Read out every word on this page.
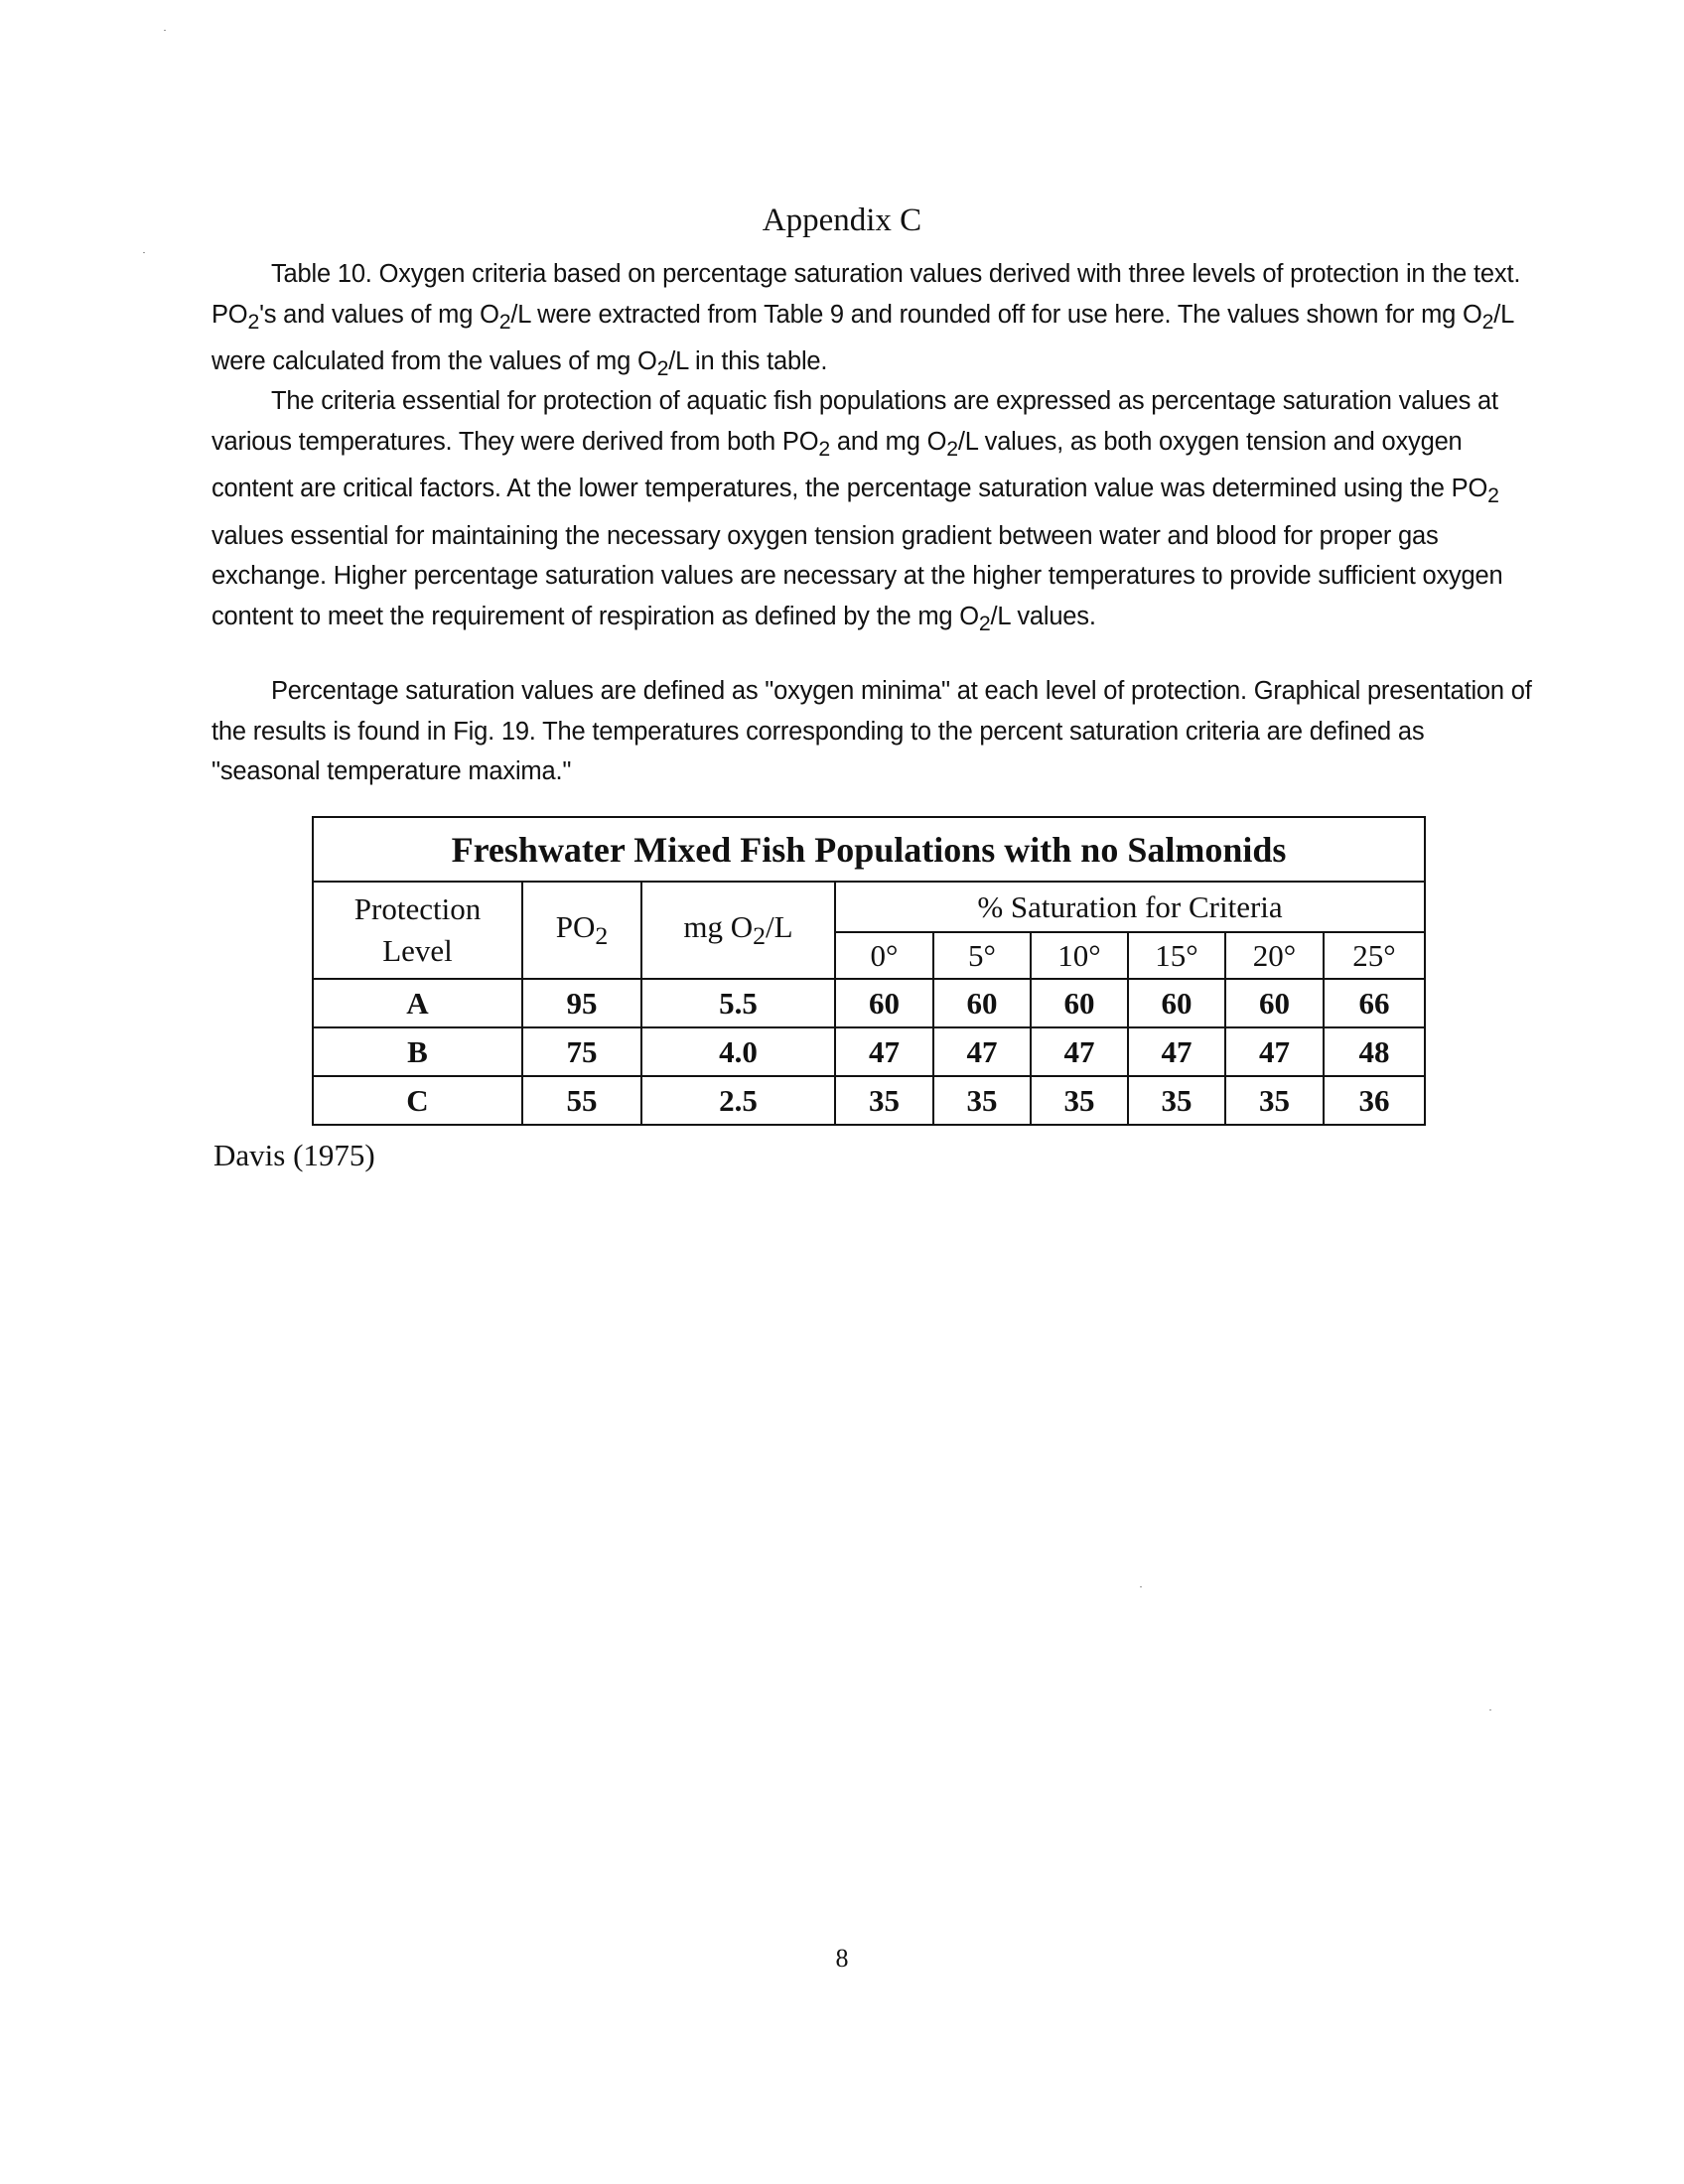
Appendix C

Table 10. Oxygen criteria based on percentage saturation values derived with three levels of protection in the text. $PO_2's$ and values of mg $O_2/L$ were extracted from Table 9 and rounded off for use here. The values shown for mg $O_2/L$ were calculated from the values of mg $O_2/L$ in this table.

The criteria essential for protection of aquatic fish populations are expressed as percentage saturation values at various temperatures. They were derived from both $PO_2$ and mg $O_2/L$ values, as both oxygen tension and oxygen content are critical factors. At the lower temperatures, the percentage saturation value was determined using the $PO_2$ values essential for maintaining the necessary oxygen tension gradient between water and blood for proper gas exchange. Higher percentage saturation values are necessary at the higher temperatures to provide sufficient oxygen content to meet the requirement of respiration as defined by the mg $O_2/L$ values.

Percentage saturation values are defined as "oxygen minima" at each level of protection. Graphical presentation of the results is found in Fig. 19. The temperatures corresponding to the percent saturation criteria are defined as "seasonal temperature maxima."

Freshwater Mixed Fish Populations with no Salmonids								
Protection
Level	$PO_2$	mg $O_2/L$	% Saturation for Criteria					
			0°	5°	10°	15°	20°	25°
A	95	5.5	60	60	60	60	60	66
B	75	4.0	47	47	47	47	47	48
C	55	2.5	35	35	35	35	35	36
Davis (1975)
8
